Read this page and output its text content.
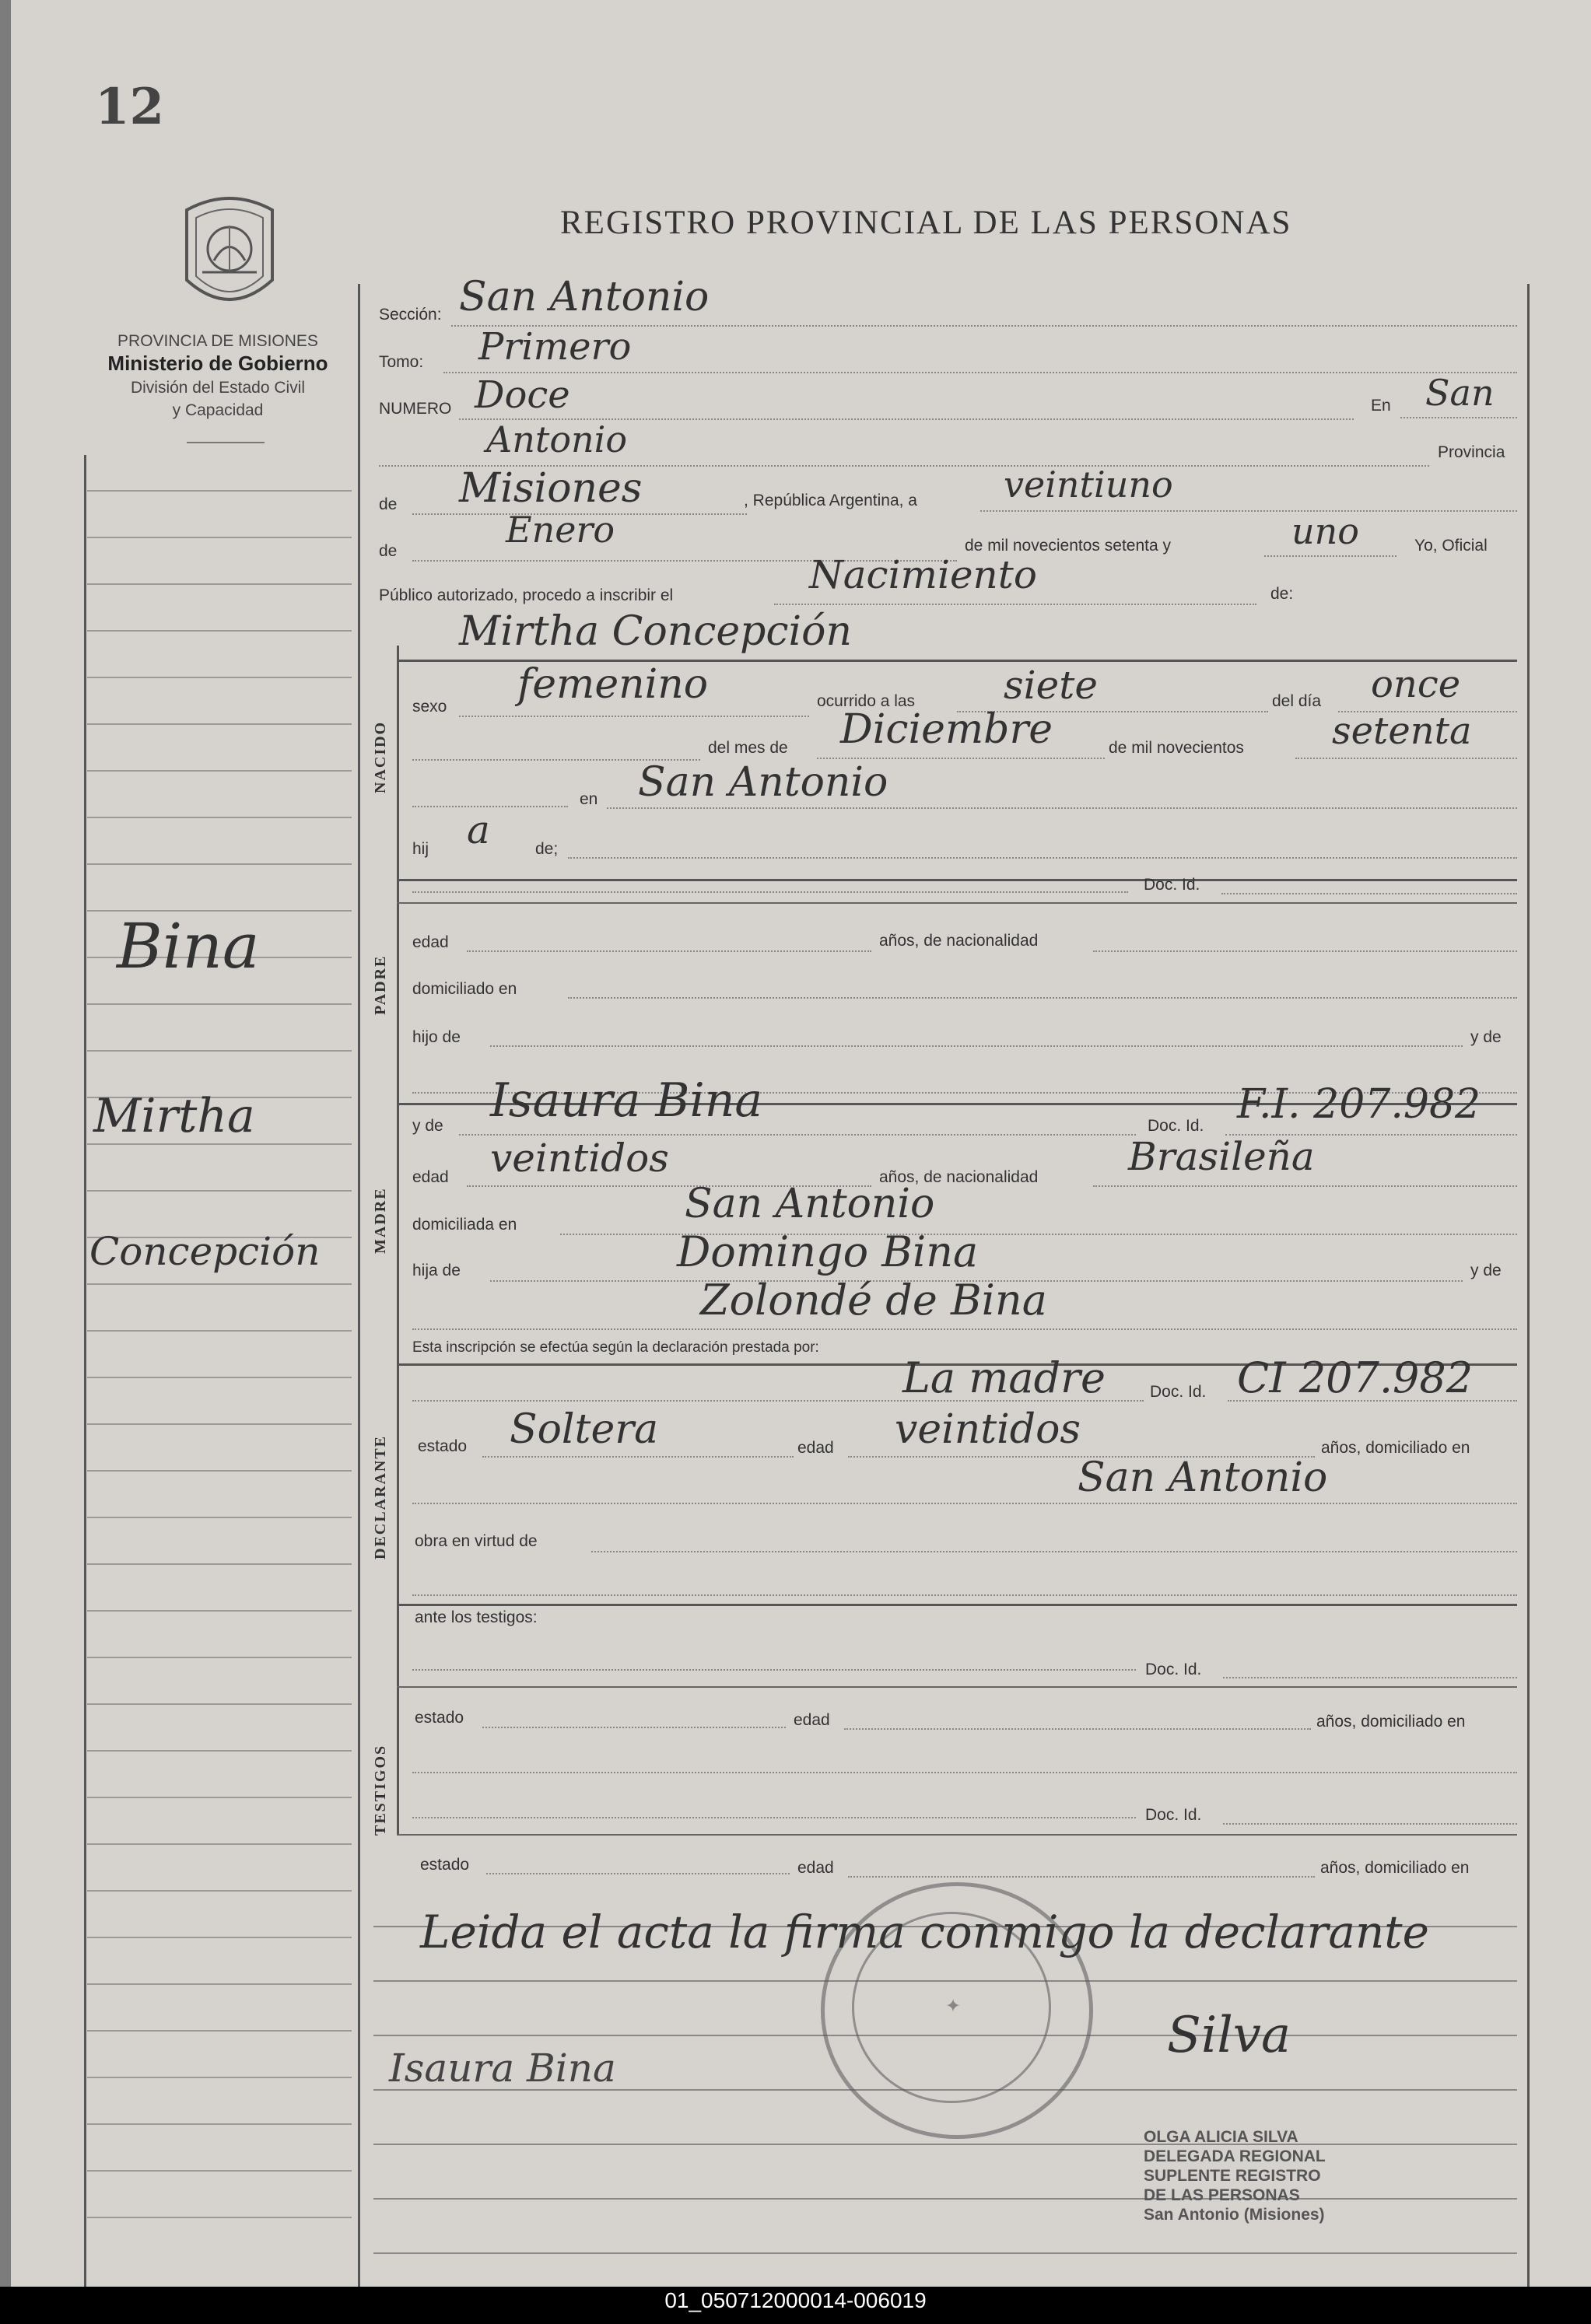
12
REGISTRO PROVINCIAL DE LAS PERSONAS
PROVINCIA DE MISIONES
Ministerio de Gobierno
División del Estado Civil
y Capacidad
Bina
Mirtha
Concepción
Sección: San Antonio
Tomo: Primero
NUMERO Doce	En San
Antonio	Provincia
de Misiones	, República Argentina, a veintiuno
de
Enero	de mil novecientos setenta y	uno	Yo, Oficial
Público autorizado, procedo a inscribir el	Nacimiento	de:
Mirtha Concepción
NACIDO
sexo femenino	ocurrido a las siete	del día once
del mes de Diciembre	de mil novecientos setenta
en San Antonio
hij a	de;
PADRE
Doc. Id.
edad	años, de nacionalidad
domiciliado en
hijo de	y de
MADRE
y de Isaura Bina	Doc. Id. F.I. 207.982
edad veintidos	años, de nacionalidad Brasileña
domiciliada en	San Antonio
hija de	Domingo Bina	y de
Zolondé de Bina
Esta inscripción se efectúa según la declaración prestada por:
DECLARANTE
La madre	Doc. Id. CI 207.982
estado Soltera	edad veintidos	años, domiciliado en
San Antonio
obra en virtud de
ante los testigos:
TESTIGOS
Doc. Id.
estado	edad	años, domiciliado en
Doc. Id.
estado	edad	años, domiciliado en
✦
Leida el acta la firma conmigo la declarante
Isaura Bina
Silva
OLGA ALICIA SILVA
DELEGADA REGIONAL
SUPLENTE REGISTRO
DE LAS PERSONAS
San Antonio (Misiones)
01_050712000014-006019
